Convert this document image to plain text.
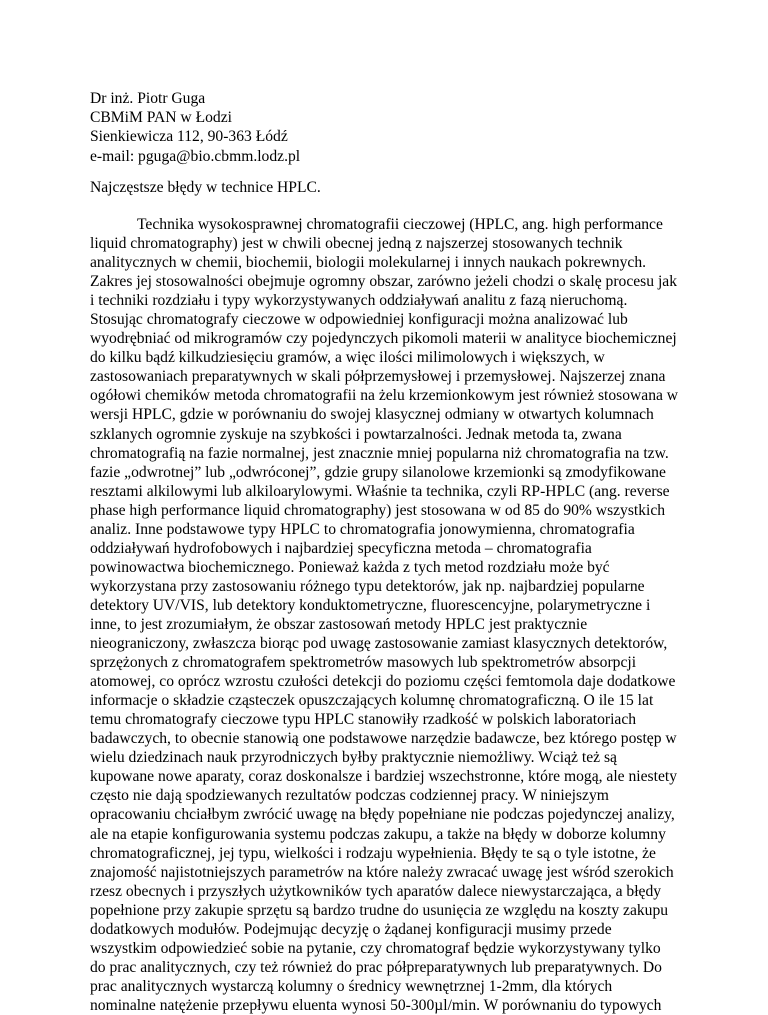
Dr inż. Piotr Guga
CBMiM PAN w Łodzi
Sienkiewicza 112, 90-363 Łódź
e-mail: pguga@bio.cbmm.lodz.pl
Najczęstsze błędy w technice HPLC.
Technika wysokosprawnej chromatografii cieczowej (HPLC, ang. high performance
liquid chromatography) jest w chwili obecnej jedną z najszerzej stosowanych technik
analitycznych w chemii, biochemii, biologii molekularnej i innych naukach pokrewnych.
Zakres jej stosowalności obejmuje ogromny obszar, zarówno jeżeli chodzi o skalę procesu jak
i techniki rozdziału i typy wykorzystywanych oddziaływań analitu z fazą nieruchomą.
Stosując chromatografy cieczowe w odpowiedniej konfiguracji można analizować lub
wyodrębniać od mikrogramów czy pojedynczych pikomoli materii w analityce biochemicznej
do kilku bądź kilkudziesięciu gramów, a więc ilości milimolowych i większych, w
zastosowaniach preparatywnych w skali półprzemysłowej i przemysłowej. Najszerzej znana
ogółowi chemików metoda chromatografii na żelu krzemionkowym jest również stosowana w
wersji HPLC, gdzie w porównaniu do swojej klasycznej odmiany w otwartych kolumnach
szklanych ogromnie zyskuje na szybkości i powtarzalności. Jednak metoda ta, zwana
chromatografią na fazie normalnej, jest znacznie mniej popularna niż chromatografia na tzw.
fazie „odwrotnej” lub „odwróconej”, gdzie grupy silanolowe krzemionki są zmodyfikowane
resztami alkilowymi lub alkiloarylowymi. Właśnie ta technika, czyli RP-HPLC (ang. reverse
phase high performance liquid chromatography) jest stosowana w od 85 do 90% wszystkich
analiz. Inne podstawowe typy HPLC to chromatografia jonowymienna, chromatografia
oddziaływań hydrofobowych i najbardziej specyficzna metoda – chromatografia
powinowactwa biochemicznego. Ponieważ każda z tych metod rozdziału może być
wykorzystana przy zastosowaniu różnego typu detektorów, jak np. najbardziej popularne
detektory UV/VIS, lub detektory konduktometryczne, fluorescencyjne, polarymetryczne i
inne, to jest zrozumiałym, że obszar zastosowań metody HPLC jest praktycznie
nieograniczony, zwłaszcza biorąc pod uwagę zastosowanie zamiast klasycznych detektorów,
sprzężonych z chromatografem spektrometrów masowych lub spektrometrów absorpcji
atomowej, co oprócz wzrostu czułości detekcji do poziomu części femtomola daje dodatkowe
informacje o składzie cząsteczek opuszczających kolumnę chromatograficzną. O ile 15 lat
temu chromatografy cieczowe typu HPLC stanowiły rzadkość w polskich laboratoriach
badawczych, to obecnie stanowią one podstawowe narzędzie badawcze, bez którego postęp w
wielu dziedzinach nauk przyrodniczych byłby praktycznie niemożliwy. Wciąż też są
kupowane nowe aparaty, coraz doskonalsze i bardziej wszechstronne, które mogą, ale niestety
często nie dają spodziewanych rezultatów podczas codziennej pracy. W niniejszym
opracowaniu chciałbym zwrócić uwagę na błędy popełniane nie podczas pojedynczej analizy,
ale na etapie konfigurowania systemu podczas zakupu, a także na błędy w doborze kolumny
chromatograficznej, jej typu, wielkości i rodzaju wypełnienia. Błędy te są o tyle istotne, że
znajomość najistotniejszych parametrów na które należy zwracać uwagę jest wśród szerokich
rzesz obecnych i przyszłych użytkowników tych aparatów dalece niewystarczająca, a błędy
popełnione przy zakupie sprzętu są bardzo trudne do usunięcia ze względu na koszty zakupu
dodatkowych modułów. Podejmując decyzję o żądanej konfiguracji musimy przede
wszystkim odpowiedzieć sobie na pytanie, czy chromatograf będzie wykorzystywany tylko
do prac analitycznych, czy też również do prac półpreparatywnych lub preparatywnych. Do
prac analitycznych wystarczą kolumny o średnicy wewnętrznej 1-2mm, dla których
nominalne natężenie przepływu eluenta wynosi 50-300µl/min. W porównaniu do typowych
